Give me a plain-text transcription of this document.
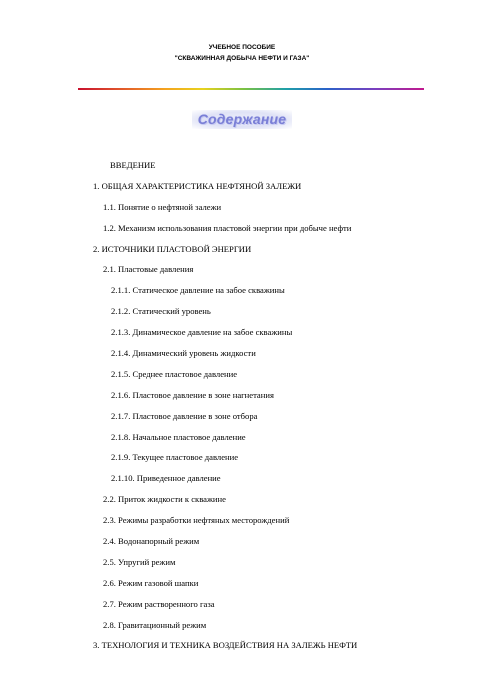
УЧЕБНОЕ ПОСОБИЕ
"СКВАЖИННАЯ ДОБЫЧА НЕФТИ И ГАЗА"
Содержание
ВВЕДЕНИЕ
1. ОБЩАЯ ХАРАКТЕРИСТИКА НЕФТЯНОЙ ЗАЛЕЖИ
1.1. Понятие о нефтяной залежи
1.2. Механизм использования пластовой энергии при добыче нефти
2. ИСТОЧНИКИ ПЛАСТОВОЙ ЭНЕРГИИ
2.1. Пластовые давления
2.1.1. Статическое давление на забое скважины
2.1.2. Статический уровень
2.1.3. Динамическое давление на забое скважины
2.1.4. Динамический уровень жидкости
2.1.5. Среднее пластовое давление
2.1.6. Пластовое давление в зоне нагнетания
2.1.7. Пластовое давление в зоне отбора
2.1.8. Начальное пластовое давление
2.1.9. Текущее пластовое давление
2.1.10. Приведенное давление
2.2. Приток жидкости к скважине
2.3. Режимы разработки нефтяных месторождений
2.4. Водонапорный режим
2.5. Упругий режим
2.6. Режим газовой шапки
2.7. Режим растворенного газа
2.8. Гравитационный режим
3. ТЕХНОЛОГИЯ И ТЕХНИКА ВОЗДЕЙСТВИЯ НА ЗАЛЕЖЬ НЕФТИ
